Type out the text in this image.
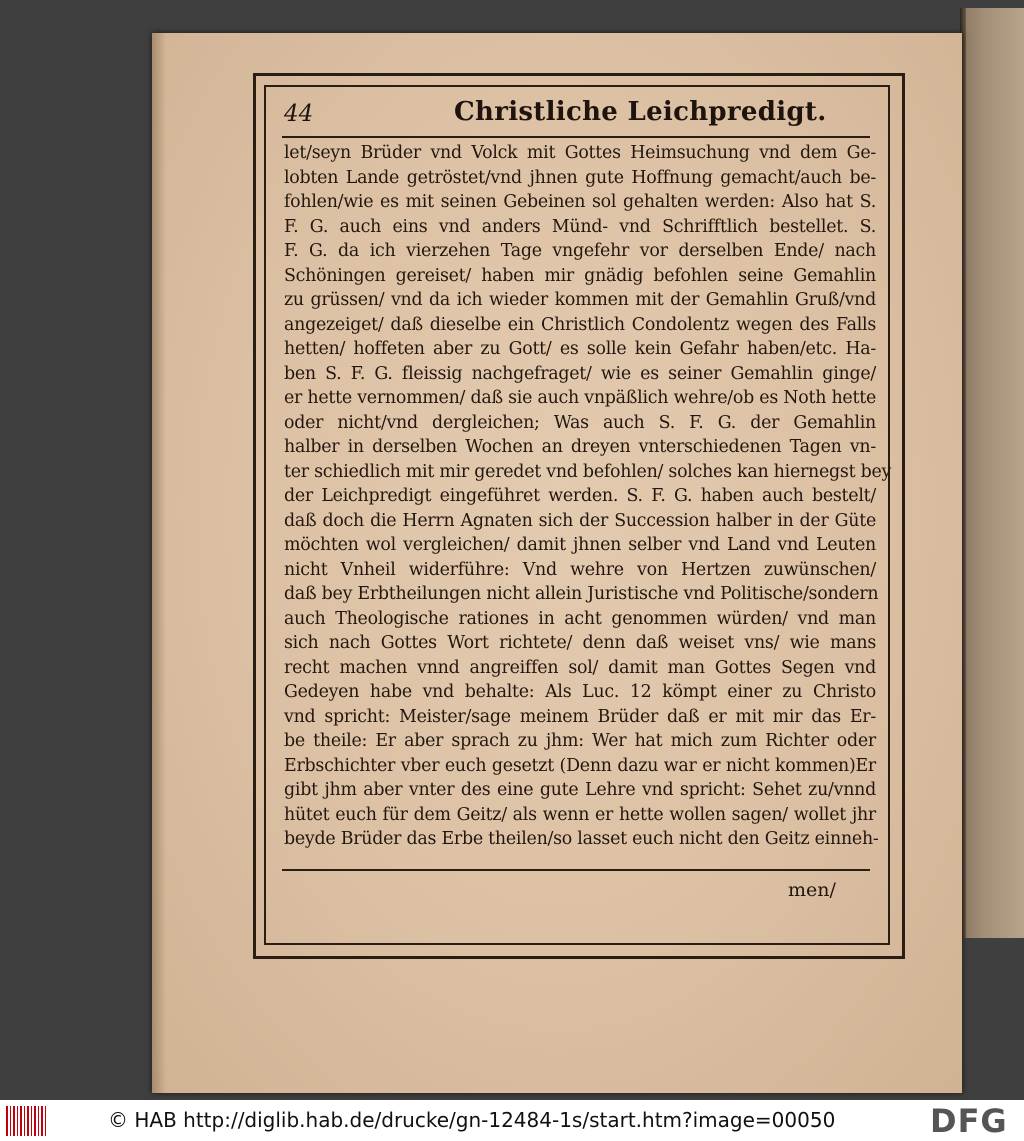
44	Christliche Leichpredigt.
let/seyn Brüder vnd Volck mit Gottes Heimsuchung vnd dem Ge-
lobten Lande getröstet/vnd jhnen gute Hoffnung gemacht/auch be-
fohlen/wie es mit seinen Gebeinen sol gehalten werden: Also hat S.
F. G. auch eins vnd anders Münd- vnd Schrifftlich bestellet. S.
F. G. da ich vierzehen Tage vngefehr vor derselben Ende/ nach
Schöningen gereiset/ haben mir gnädig befohlen seine Gemahlin
zu grüssen/ vnd da ich wieder kommen mit der Gemahlin Gruß/vnd
angezeiget/ daß dieselbe ein Christlich Condolentz wegen des Falls
hetten/ hoffeten aber zu Gott/ es solle kein Gefahr haben/etc. Ha-
ben S. F. G. fleissig nachgefraget/ wie es seiner Gemahlin ginge/
er hette vernommen/ daß sie auch vnpäßlich wehre/ob es Noth hette
oder nicht/vnd dergleichen; Was auch S. F. G. der Gemahlin
halber in derselben Wochen an dreyen vnterschiedenen Tagen vn-
ter schiedlich mit mir geredet vnd befohlen/ solches kan hiernegst bey
der Leichpredigt eingeführet werden. S. F. G. haben auch bestelt/
daß doch die Herrn Agnaten sich der Succession halber in der Güte
möchten wol vergleichen/ damit jhnen selber vnd Land vnd Leuten
nicht Vnheil widerführe: Vnd wehre von Hertzen zuwünschen/
daß bey Erbtheilungen nicht allein Juristische vnd Politische/sondern
auch Theologische rationes in acht genommen würden/ vnd man
sich nach Gottes Wort richtete/ denn daß weiset vns/ wie mans
recht machen vnnd angreiffen sol/ damit man Gottes Segen vnd
Gedeyen habe vnd behalte: Als Luc. 12 kömpt einer zu Christo
vnd spricht: Meister/sage meinem Brüder daß er mit mir das Er-
be theile: Er aber sprach zu jhm: Wer hat mich zum Richter oder
Erbschichter vber euch gesetzt (Denn dazu war er nicht kommen)Er
gibt jhm aber vnter des eine gute Lehre vnd spricht: Sehet zu/vnnd
hütet euch für dem Geitz/ als wenn er hette wollen sagen/ wollet jhr
beyde Brüder das Erbe theilen/so lasset euch nicht den Geitz einneh-
men/
© HAB http://diglib.hab.de/drucke/gn-12484-1s/start.htm?image=00050	DFG
